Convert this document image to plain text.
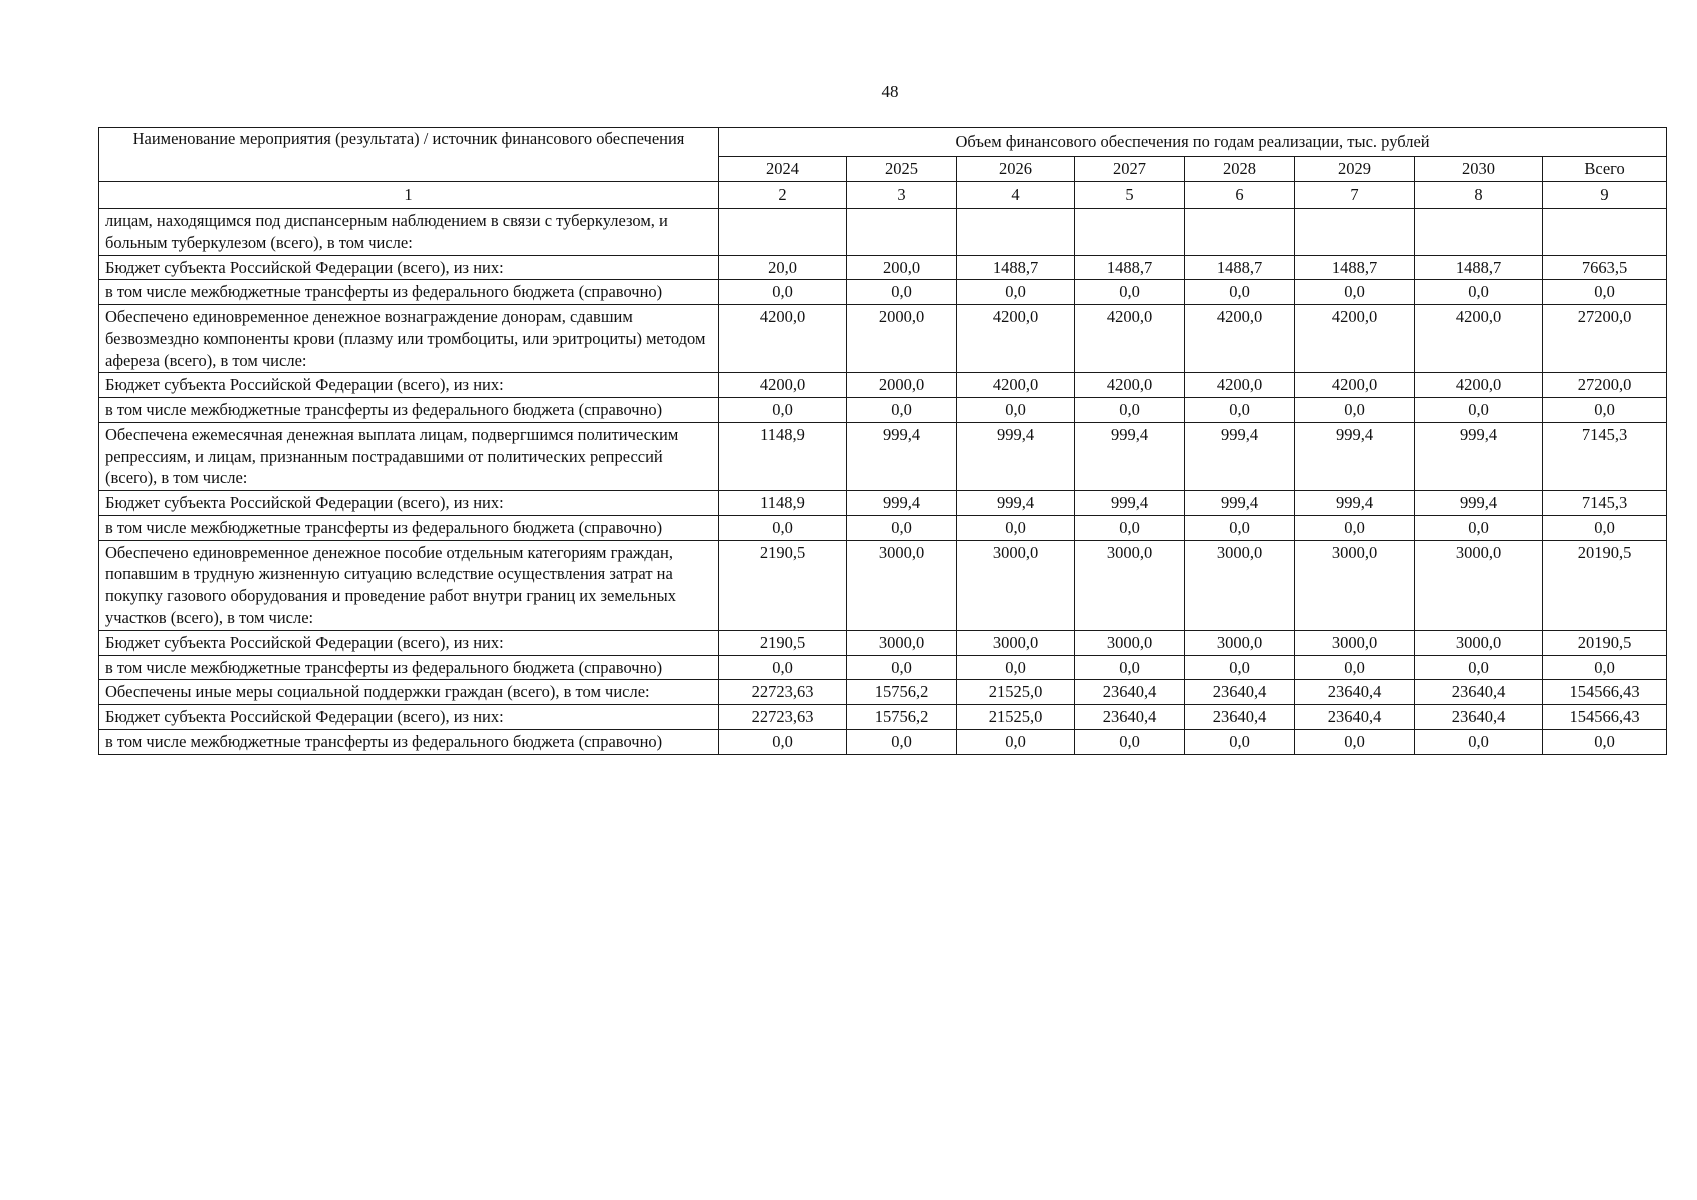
48
Наименование мероприятия (результата) / источник финансового обеспечения	Объем финансового обеспечения по годам реализации, тыс. рублей							
	2024	2025	2026	2027	2028	2029	2030	Всего
1	2	3	4	5	6	7	8	9
лицам, находящимся под диспансерным наблюдением в связи с туберкулезом, и больным туберкулезом (всего), в том числе:								
Бюджет субъекта Российской Федерации (всего), из них:	20,0	200,0	1488,7	1488,7	1488,7	1488,7	1488,7	7663,5
в том числе межбюджетные трансферты из федерального бюджета (справочно)	0,0	0,0	0,0	0,0	0,0	0,0	0,0	0,0
Обеспечено единовременное денежное вознаграждение донорам, сдавшим безвозмездно компоненты крови (плазму или тромбоциты, или эритроциты) методом афереза (всего), в том числе:	4200,0	2000,0	4200,0	4200,0	4200,0	4200,0	4200,0	27200,0
Бюджет субъекта Российской Федерации (всего), из них:	4200,0	2000,0	4200,0	4200,0	4200,0	4200,0	4200,0	27200,0
в том числе межбюджетные трансферты из федерального бюджета (справочно)	0,0	0,0	0,0	0,0	0,0	0,0	0,0	0,0
Обеспечена ежемесячная денежная выплата лицам, подвергшимся политическим репрессиям, и лицам, признанным пострадавшими от политических репрессий (всего), в том числе:	1148,9	999,4	999,4	999,4	999,4	999,4	999,4	7145,3
Бюджет субъекта Российской Федерации (всего), из них:	1148,9	999,4	999,4	999,4	999,4	999,4	999,4	7145,3
в том числе межбюджетные трансферты из федерального бюджета (справочно)	0,0	0,0	0,0	0,0	0,0	0,0	0,0	0,0
Обеспечено единовременное денежное пособие отдельным категориям граждан, попавшим в трудную жизненную ситуацию вследствие осуществления затрат на покупку газового оборудования и проведение работ внутри границ их земельных участков (всего), в том числе:	2190,5	3000,0	3000,0	3000,0	3000,0	3000,0	3000,0	20190,5
Бюджет субъекта Российской Федерации (всего), из них:	2190,5	3000,0	3000,0	3000,0	3000,0	3000,0	3000,0	20190,5
в том числе межбюджетные трансферты из федерального бюджета (справочно)	0,0	0,0	0,0	0,0	0,0	0,0	0,0	0,0
Обеспечены иные меры социальной поддержки граждан (всего), в том числе:	22723,63	15756,2	21525,0	23640,4	23640,4	23640,4	23640,4	154566,43
Бюджет субъекта Российской Федерации (всего), из них:	22723,63	15756,2	21525,0	23640,4	23640,4	23640,4	23640,4	154566,43
в том числе межбюджетные трансферты из федерального бюджета (справочно)	0,0	0,0	0,0	0,0	0,0	0,0	0,0	0,0
